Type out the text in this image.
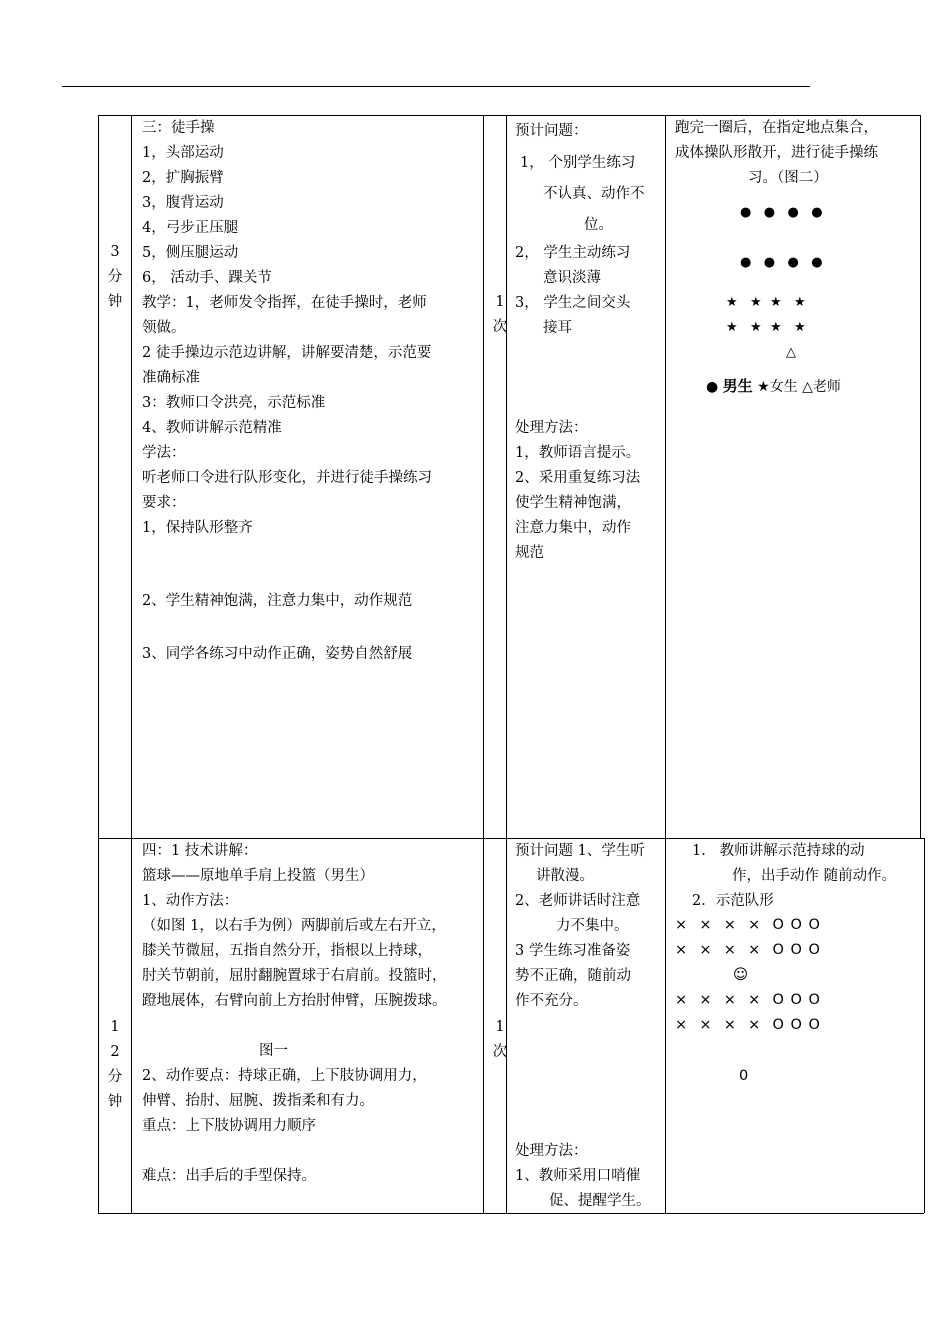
3
分
钟
三：徒手操
1，头部运动
2，扩胸振臂
3，腹背运动
4，弓步正压腿
5，侧压腿运动
6， 活动手、踝关节
教学：1，老师发令指挥，在徒手操时，老师
领做。
2 徒手操边示范边讲解，讲解要清楚，示范要
准确标准
3：教师口令洪亮，示范标准
4、教师讲解示范精准
学法：
听老师口令进行队形变化，并进行徒手操练习
要求：
1，保持队形整齐
2、学生精神饱满，注意力集中，动作规范
3、同学各练习中动作正确，姿势自然舒展
1
次
预计问题：
1， 个别学生练习
不认真、动作不
位。
2， 学生主动练习
意识淡薄
3， 学生之间交头
接耳
处理方法：
1，教师语言提示。
2、采用重复练习法
使学生精神饱满，
注意力集中，动作
规范
跑完一圈后，在指定地点集合，
成体操队形散开，进行徒手操练
习。（图二）
●   ●   ●   ●
●   ●   ●   ●
★   ★  ★   ★
★   ★  ★   ★
△
● 男生 ★女生 △老师
1
2
分
钟
四：1 技术讲解：
篮球——原地单手肩上投篮（男生）
1、动作方法：
（如图 1，以右手为例）两脚前后或左右开立，
膝关节微屈，五指自然分开，指根以上持球，
肘关节朝前，屈肘翻腕置球于右肩前。投篮时，
蹬地展体，右臂向前上方抬肘伸臂，压腕拨球。
图一
2、动作要点：持球正确，上下肢协调用力，
伸臂、抬肘、屈腕、拨指柔和有力。
重点：上下肢协调用力顺序
难点：出手后的手型保持。
1
次
预计问题 1、学生听
讲散漫。
2、老师讲话时注意
力不集中。
3 学生练习准备姿
势不正确，随前动
作不充分。
处理方法：
1、教师采用口哨催
促、提醒学生。
1.   教师讲解示范持球的动
作，出手动作 随前动作。
2．示范队形
×  ×  ×  ×  O O O
×  ×  ×  ×  O O O
☺
×  ×  ×  ×  O O O
×  ×  ×  ×  O O O
0
